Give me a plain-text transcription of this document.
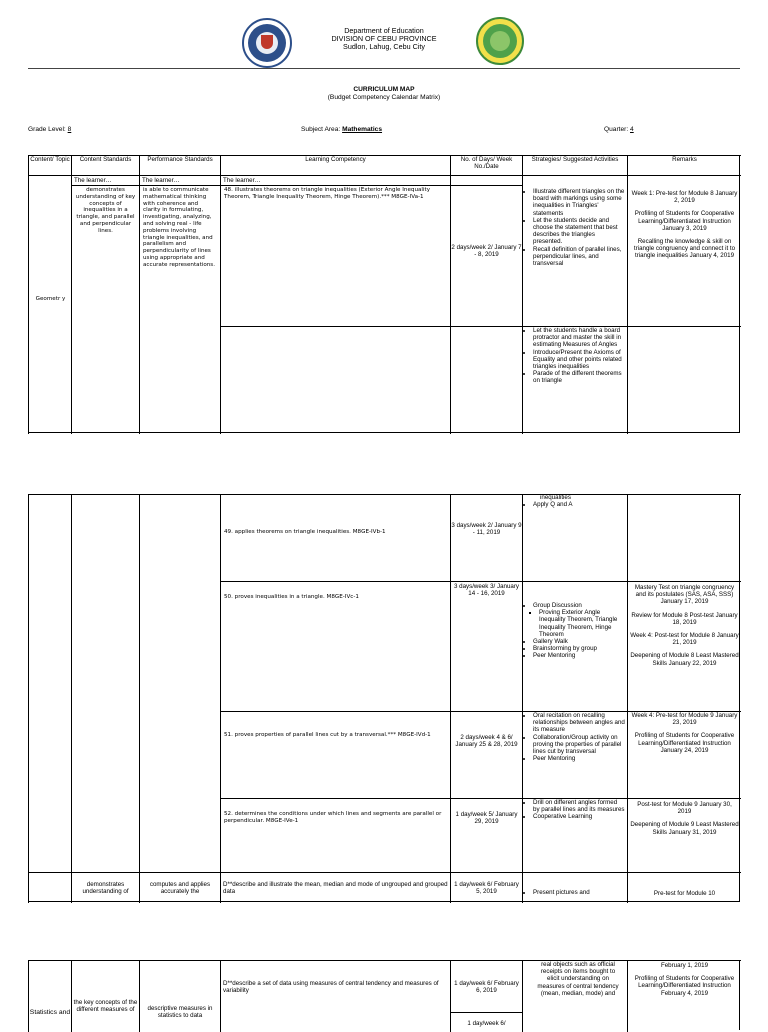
Department of Education
DIVISION OF CEBU PROVINCE
Sudlon, Lahug, Cebu City
CURRICULUM MAP
(Budget Competency Calendar Matrix)
Grade Level: 8	Subject Area: Mathematics	Quarter: 4
Content/ Topic	Content Standards	Performance Standards	Learning Competency	No. of Days/ Week No./Date
Strategies/ Suggested Activities	Remarks
Geometr y
The learner…	The learner…	The learner…
demonstrates understanding of key concepts of inequalities in a triangle, and parallel and perpendicular lines.
is able to communicate mathematical thinking with coherence and clarity in formulating, investigating, analyzing, and solving real - life problems involving triangle inequalities, and parallelism and perpendicularity of lines using appropriate and accurate representations.
48. illustrates theorems on triangle inequalities (Exterior Angle Inequality Theorem, Triangle Inequality Theorem, Hinge Theorem).*** M8GE-IVa-1
2 days/week 2/ January 7 - 8, 2019
• Illustrate different triangles on the board with markings using some inequalities in Triangles' statements
• Let the students decide and choose the statement that best describes the triangles presented.
• Recall definition of parallel lines, perpendicular lines, and transversal

Week 1: Pre-test for Module 8 January 2, 2019

Profiling of Students for Cooperative Learning/Differentiated Instruction January 3, 2019

Recalling the knowledge & skill on triangle congruency and connect it to triangle inequalities January 4, 2019

• Let the students handle a board protractor and master the skill in estimating Measures of Angles
• Introduce/Present the Axioms of Equality and other points related triangles inequalities
• Parade of the different theorems on triangle
49. applies theorems on triangle inequalities. M8GE-IVb-1
3 days/week 2/ January 9 - 11, 2019
inequalities
• Apply Q and A
50. proves inequalities in a triangle. M8GE-IVc-1
3 days/week 3/ January 14 - 16, 2019
• Group Discussion
▪ Proving Exterior Angle Inequality Theorem, Triangle Inequality Theorem, Hinge Theorem
• Gallery Walk
• Brainstorming by group
• Peer Mentoring

Mastery Test on triangle congruency and its postulates (SAS, ASA, SSS) January 17, 2019

Review for Module 8 Post-test January 18, 2019

Week 4: Post-test for Module 8 January 21, 2019

Deepening of Module 8 Least Mastered Skills January 22, 2019

51. proves properties of parallel lines cut by a transversal.*** M8GE-IVd-1	2 days/week 4 & 6/ January 25 & 28, 2019
• Oral recitation on recalling relationships between angles and its measure
• Collaboration/Group activity on proving the properties of parallel lines cut by transversal
• Peer Mentoring

Week 4: Pre-test for Module 9 January 23, 2019

Profiling of Students for Cooperative Learning/Differentiated Instruction January 24, 2019

52. determines the conditions under which lines and segments are parallel or perpendicular. M8GE-IVe-1
1 day/week 5/ January 29, 2019
• Drill on different angles formed by parallel lines and its measures
• Cooperative Learning

Post-test for Module 9 January 30, 2019

Deepening of Module 9 Least Mastered Skills January 31, 2019

demonstrates understanding of
computes and applies accurately the
D**describe and illustrate the mean, median and mode of ungrouped and grouped data
1 day/week 6/ February 5, 2019
•	Present pictures and	Pre-test for Module 10
Statistics and
the key concepts of the different measures of	descriptive measures in statistics to data
D**describe a set of data using measures of central tendency and measures of variability
1 day/week 6/ February 6, 2019
1 day/week 6/
real objects such as official receipts on items bought to elicit understanding on measures of central tendency (mean, median, mode) and

February 1, 2019

Profiling of Students for Cooperative Learning/Differentiated Instruction February 4, 2019
